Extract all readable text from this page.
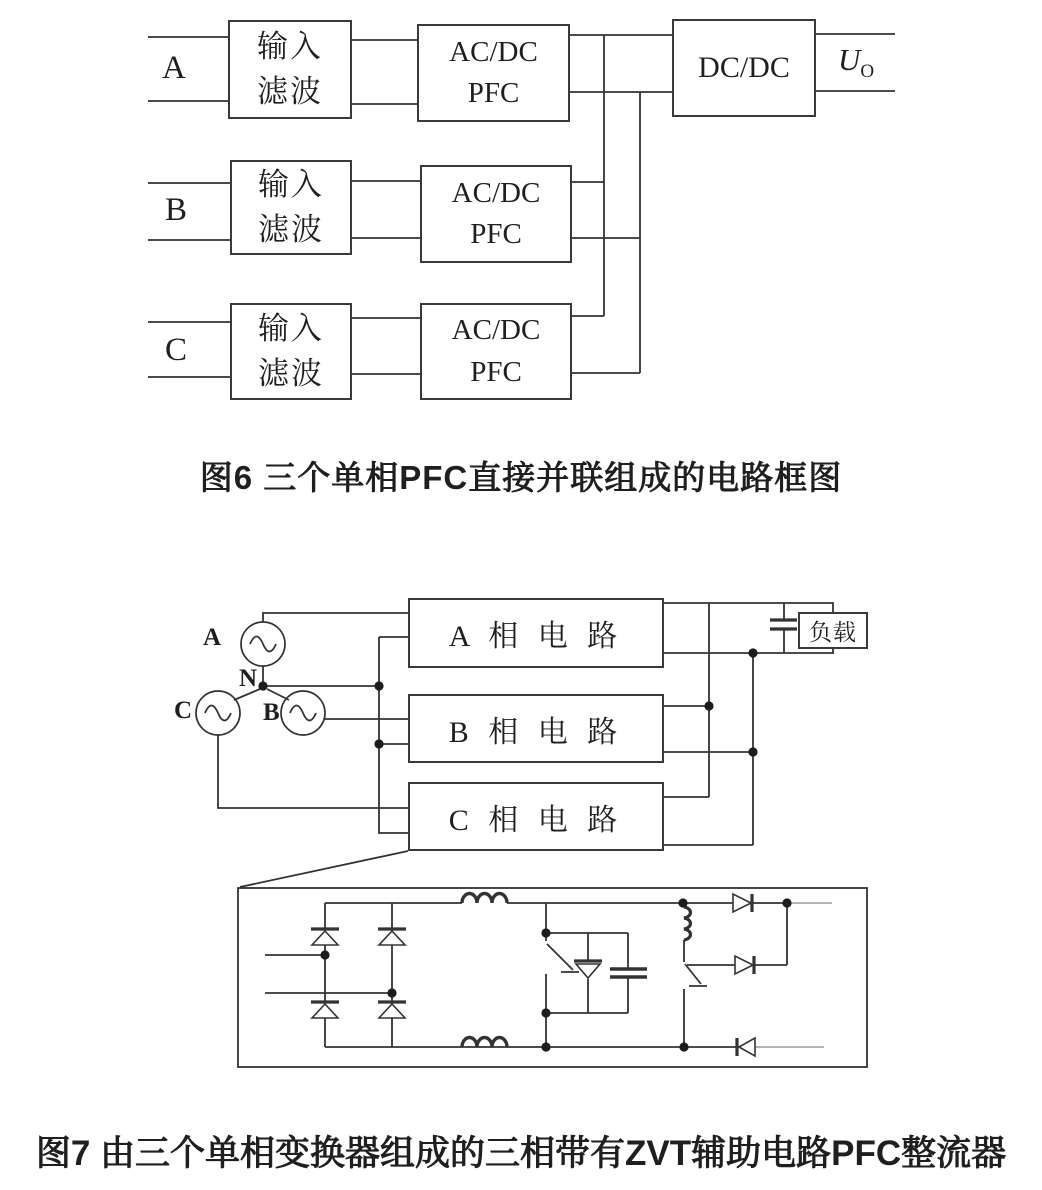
A
B
C
输入
滤波
输入
滤波
输入
滤波
AC/DC
PFC
AC/DC
PFC
AC/DC
PFC
DC/DC $U_O$
图6 三个单相PFC直接并联组成的电路框图
A
N
C	B
A 相 电 路
B 相 电 路
C 相 电 路
负载
图7 由三个单相变换器组成的三相带有ZVT辅助电路PFC整流器
